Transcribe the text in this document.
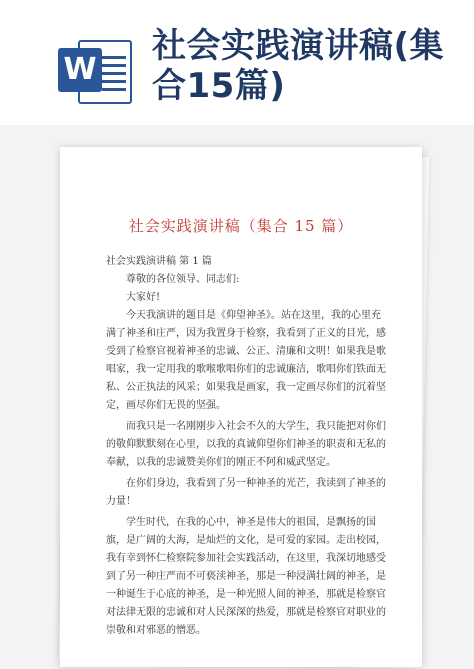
W
社会实践演讲稿(集合15篇)
社会实践演讲稿（集合 15 篇）
社会实践演讲稿 第 1 篇

尊敬的各位领导、同志们:

大家好!

今天我演讲的题目是《仰望神圣》。站在这里，我的心里充满了神圣和庄严，因为我置身于检察，我看到了正义的目光，感受到了检察官视着神圣的忠诚、公正、清廉和文明！如果我是歌唱家，我一定用我的歌喉歌唱你们的忠诚廉洁，歌唱你们铁面无私、公正执法的风采；如果我是画家，我一定画尽你们的沉着坚定，画尽你们无畏的坚强。

而我只是一名刚刚步入社会不久的大学生，我只能把对你们的敬仰默默刻在心里，以我的真诚仰望你们神圣的职责和无私的奉献，以我的忠诚赞美你们的刚正不阿和威武坚定。

在你们身边，我看到了另一种神圣的光芒，我读到了神圣的力量！

学生时代，在我的心中，神圣是伟大的祖国，是飘扬的国旗，是广阔的大海，是灿烂的文化，是可爱的家园。走出校园，我有幸到怀仁检察院参加社会实践活动，在这里，我深切地感受到了另一种庄严而不可亵渎神圣，那是一种浸满壮阔的神圣，是一种诞生于心底的神圣，是一种光照人间的神圣，那就是检察官对法律无限的忠诚和对人民深深的热爱，那就是检察官对职业的崇敬和对邪恶的憎恶。
